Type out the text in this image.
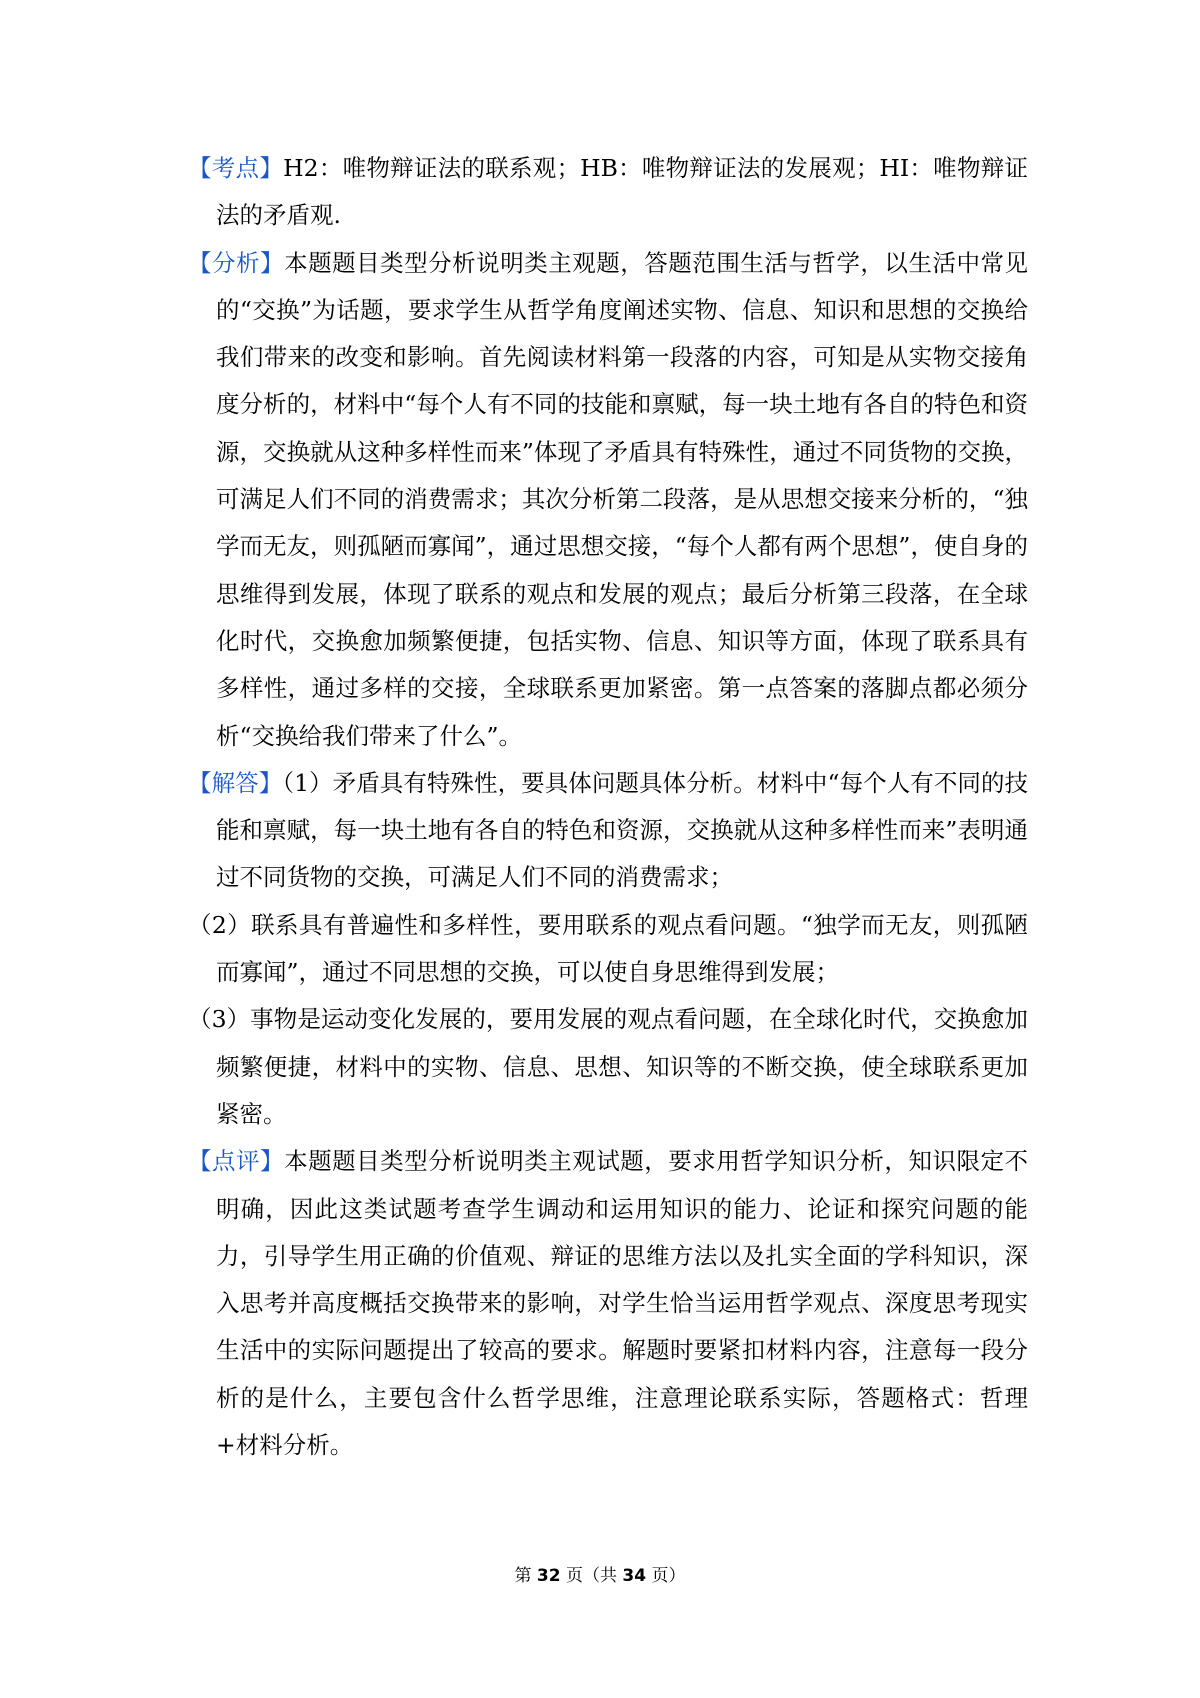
【考点】H2：唯物辩证法的联系观；HB：唯物辩证法的发展观；HI：唯物辩证法的矛盾观.

【分析】本题题目类型分析说明类主观题，答题范围生活与哲学，以生活中常见的“交换”为话题，要求学生从哲学角度阐述实物、信息、知识和思想的交换给我们带来的改变和影响。首先阅读材料第一段落的内容，可知是从实物交接角度分析的，材料中“每个人有不同的技能和禀赋，每一块土地有各自的特色和资源，交换就从这种多样性而来”体现了矛盾具有特殊性，通过不同货物的交换，可满足人们不同的消费需求；其次分析第二段落，是从思想交接来分析的，“独学而无友，则孤陋而寡闻”，通过思想交接，“每个人都有两个思想”，使自身的思维得到发展，体现了联系的观点和发展的观点；最后分析第三段落，在全球化时代，交换愈加频繁便捷，包括实物、信息、知识等方面，体现了联系具有多样性，通过多样的交接，全球联系更加紧密。第一点答案的落脚点都必须分析“交换给我们带来了什么”。

【解答】（1）矛盾具有特殊性，要具体问题具体分析。材料中“每个人有不同的技能和禀赋，每一块土地有各自的特色和资源，交换就从这种多样性而来”表明通过不同货物的交换，可满足人们不同的消费需求；

（2）联系具有普遍性和多样性，要用联系的观点看问题。“独学而无友，则孤陋而寡闻”，通过不同思想的交换，可以使自身思维得到发展；

（3）事物是运动变化发展的，要用发展的观点看问题，在全球化时代，交换愈加频繁便捷，材料中的实物、信息、思想、知识等的不断交换，使全球联系更加紧密。

【点评】本题题目类型分析说明类主观试题，要求用哲学知识分析，知识限定不明确，因此这类试题考查学生调动和运用知识的能力、论证和探究问题的能力，引导学生用正确的价值观、辩证的思维方法以及扎实全面的学科知识，深入思考并高度概括交换带来的影响，对学生恰当运用哲学观点、深度思考现实生活中的实际问题提出了较高的要求。解题时要紧扣材料内容，注意每一段分析的是什么，主要包含什么哲学思维，注意理论联系实际，答题格式：哲理+材料分析。

第 32 页（共 34 页）
